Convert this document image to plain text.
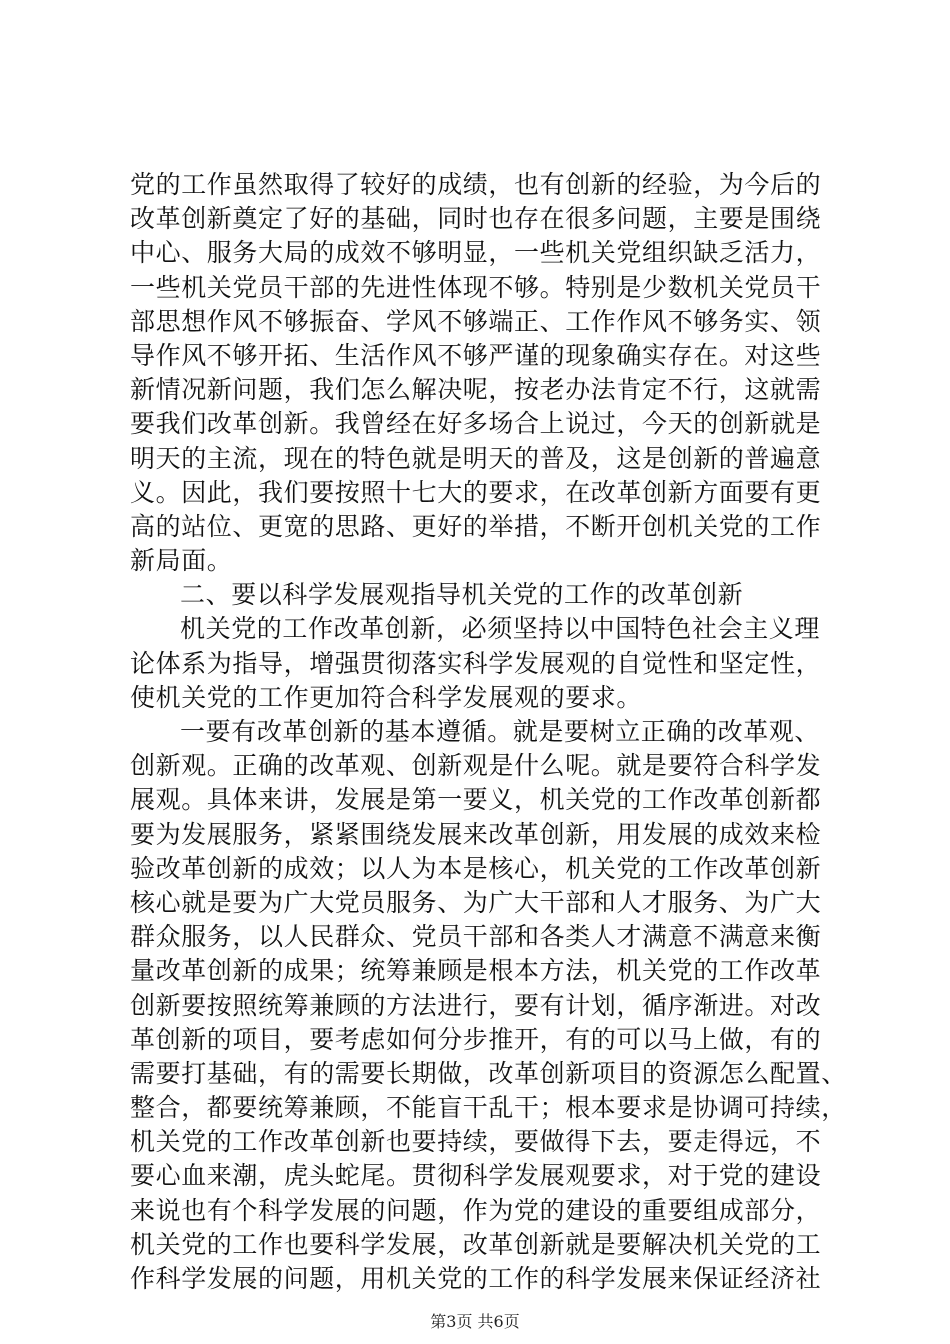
党的工作虽然取得了较好的成绩，也有创新的经验，为今后的
改革创新奠定了好的基础，同时也存在很多问题，主要是围绕
中心、服务大局的成效不够明显，一些机关党组织缺乏活力，
一些机关党员干部的先进性体现不够。特别是少数机关党员干
部思想作风不够振奋、学风不够端正、工作作风不够务实、领
导作风不够开拓、生活作风不够严谨的现象确实存在。对这些
新情况新问题，我们怎么解决呢，按老办法肯定不行，这就需
要我们改革创新。我曾经在好多场合上说过，今天的创新就是
明天的主流，现在的特色就是明天的普及，这是创新的普遍意
义。因此，我们要按照十七大的要求，在改革创新方面要有更
高的站位、更宽的思路、更好的举措，不断开创机关党的工作
新局面。
二、要以科学发展观指导机关党的工作的改革创新
机关党的工作改革创新，必须坚持以中国特色社会主义理
论体系为指导，增强贯彻落实科学发展观的自觉性和坚定性，
使机关党的工作更加符合科学发展观的要求。
一要有改革创新的基本遵循。就是要树立正确的改革观、
创新观。正确的改革观、创新观是什么呢。就是要符合科学发
展观。具体来讲，发展是第一要义，机关党的工作改革创新都
要为发展服务，紧紧围绕发展来改革创新，用发展的成效来检
验改革创新的成效；以人为本是核心，机关党的工作改革创新
核心就是要为广大党员服务、为广大干部和人才服务、为广大
群众服务，以人民群众、党员干部和各类人才满意不满意来衡
量改革创新的成果；统筹兼顾是根本方法，机关党的工作改革
创新要按照统筹兼顾的方法进行，要有计划，循序渐进。对改
革创新的项目，要考虑如何分步推开，有的可以马上做，有的
需要打基础，有的需要长期做，改革创新项目的资源怎么配置、
整合，都要统筹兼顾，不能盲干乱干；根本要求是协调可持续，
机关党的工作改革创新也要持续，要做得下去，要走得远，不
要心血来潮，虎头蛇尾。贯彻科学发展观要求，对于党的建设
来说也有个科学发展的问题，作为党的建设的重要组成部分，
机关党的工作也要科学发展，改革创新就是要解决机关党的工
作科学发展的问题，用机关党的工作的科学发展来保证经济社
第3页 共6页
